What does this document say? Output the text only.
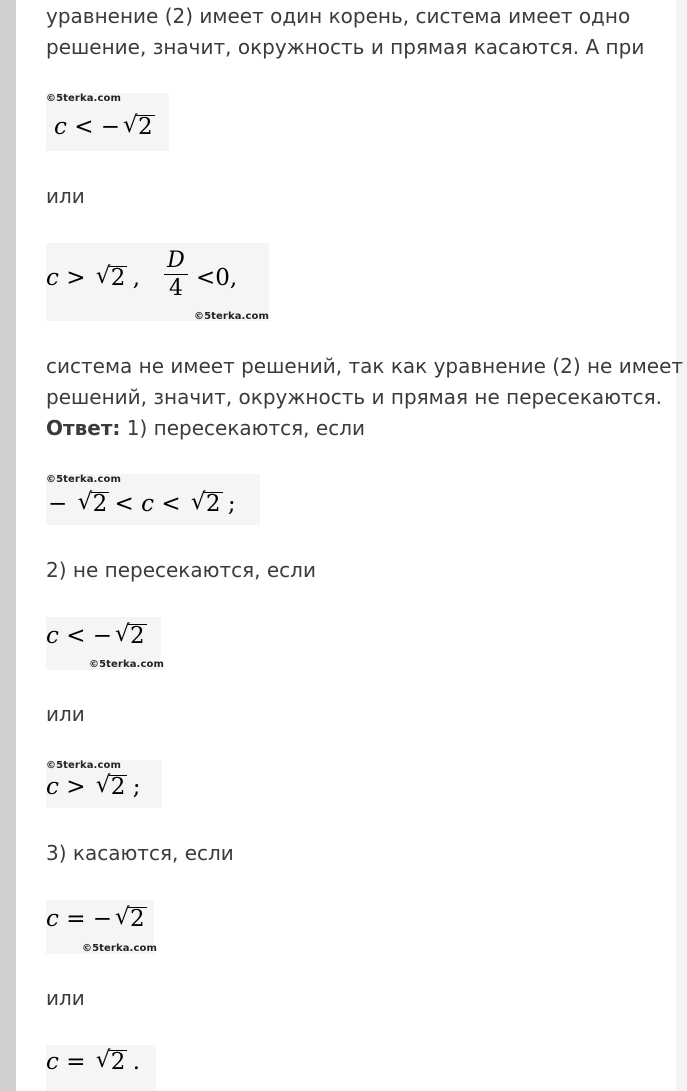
уравнение (2) имеет один корень, система имеет одно
решение, значит, окружность и прямая касаются. А при
©5terka.com
c < − √ 2
или
c > √ 2 ,
D
4 <0,
©5terka.com
система не имеет решений, так как уравнение (2) не имеет
решений, значит, окружность и прямая не пересекаются.
Ответ: 1) пересекаются, если
©5terka.com
− √ 2 < c < √ 2 ;
2) не пересекаются, если
c < − √ 2
©5terka.com
или
©5terka.com
c > √ 2 ;
3) касаются, если
c = − √ 2
©5terka.com
или
c = √ 2 .
